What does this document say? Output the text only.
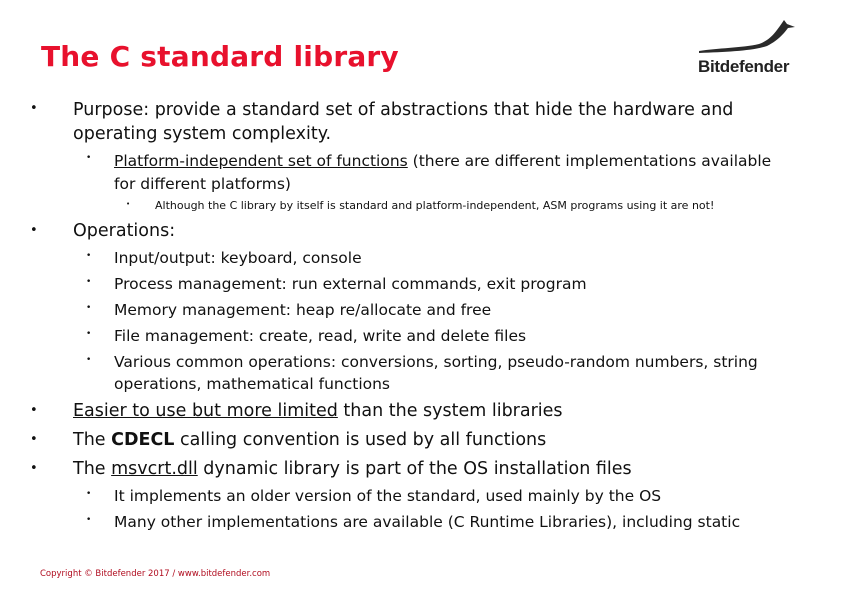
The C standard library	Bitdefender
• Purpose: provide a standard set of abstractions that hide the hardware and
operating system complexity.
• Platform-independent set of functions (there are different implementations available
for different platforms)
• Although the C library by itself is standard and platform-independent, ASM programs using it are not!
• Operations:
• Input/output: keyboard, console
• Process management: run external commands, exit program
• Memory management: heap re/allocate and free
• File management: create, read, write and delete files
• Various common operations: conversions, sorting, pseudo-random numbers, string
operations, mathematical functions
• Easier to use but more limited than the system libraries
• The CDECL calling convention is used by all functions
• The msvcrt.dll dynamic library is part of the OS installation files
• It implements an older version of the standard, used mainly by the OS
• Many other implementations are available (C Runtime Libraries), including static
Copyright © Bitdefender 2017 / www.bitdefender.com
